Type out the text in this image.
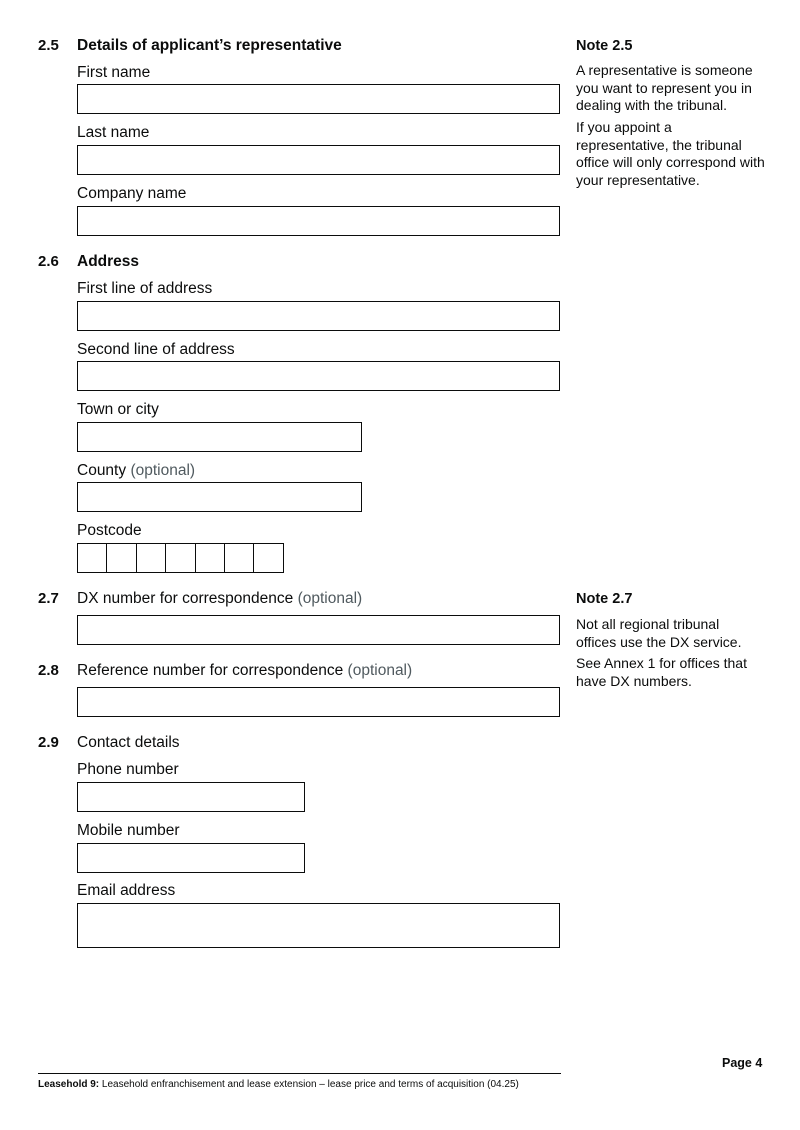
2.5 Details of applicant’s representative
First name
Last name
Company name
2.6 Address
First line of address
Second line of address
Town or city
County (optional)
Postcode
2.7 DX number for correspondence (optional)
2.8 Reference number for correspondence (optional)
2.9 Contact details
Phone number
Mobile number
Email address
Note 2.5
A representative is someone you want to represent you in dealing with the tribunal.
If you appoint a representative, the tribunal office will only correspond with your representative.
Note 2.7
Not all regional tribunal offices use the DX service.
See Annex 1 for offices that have DX numbers.
Page 4
Leasehold 9: Leasehold enfranchisement and lease extension – lease price and terms of acquisition (04.25)
